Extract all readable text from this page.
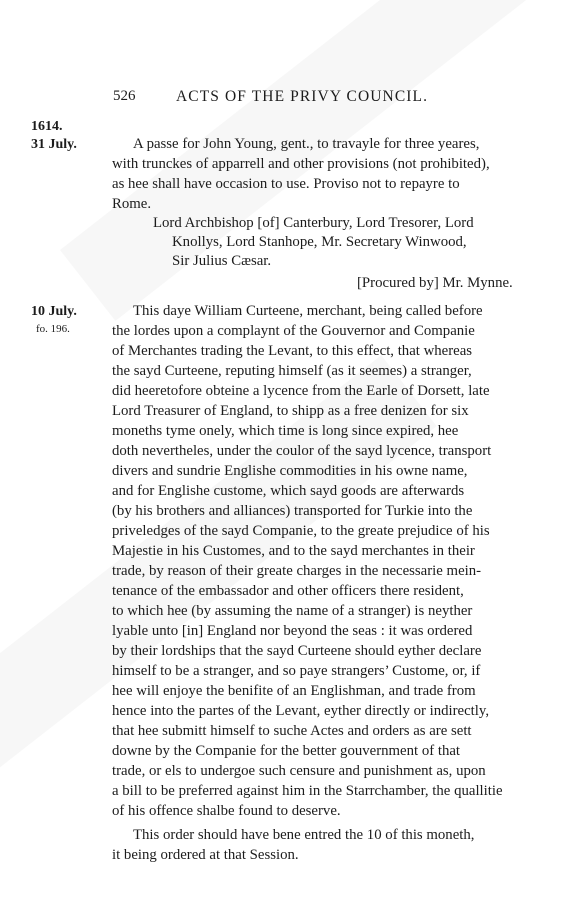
526	ACTS OF THE PRIVY COUNCIL.
1614.
31 July.
10 July.
fo. 196.
A passe for John Young, gent., to travayle for three yeares,
with trunckes of apparrell and other provisions (not prohibited),
as hee shall have occasion to use. Proviso not to repayre to
Rome.
Lord Archbishop [of] Canterbury, Lord Tresorer, Lord
Knollys, Lord Stanhope, Mr. Secretary Winwood,
Sir Julius Cæsar.
[Procured by] Mr. Mynne.
This daye William Curteene, merchant, being called before
the lordes upon a complaynt of the Gouvernor and Companie
of Merchantes trading the Levant, to this effect, that whereas
the sayd Curteene, reputing himself (as it seemes) a stranger,
did heeretofore obteine a lycence from the Earle of Dorsett, late
Lord Treasurer of England, to shipp as a free denizen for six
moneths tyme onely, which time is long since expired, hee
doth nevertheles, under the coulor of the sayd lycence, transport
divers and sundrie Englishe commodities in his owne name,
and for Englishe custome, which sayd goods are afterwards
(by his brothers and alliances) transported for Turkie into the
priveledges of the sayd Companie, to the greate prejudice of his
Majestie in his Customes, and to the sayd merchantes in their
trade, by reason of their greate charges in the necessarie mein-
tenance of the embassador and other officers there resident,
to which hee (by assuming the name of a stranger) is neyther
lyable unto [in] England nor beyond the seas : it was ordered
by their lordships that the sayd Curteene should eyther declare
himself to be a stranger, and so paye strangers’ Custome, or, if
hee will enjoye the benifite of an Englishman, and trade from
hence into the partes of the Levant, eyther directly or indirectly,
that hee submitt himself to suche Actes and orders as are sett
downe by the Companie for the better gouvernment of that
trade, or els to undergoe such censure and punishment as, upon
a bill to be preferred against him in the Starrchamber, the quallitie
of his offence shalbe found to deserve.
This order should have bene entred the 10 of this moneth,
it being ordered at that Session.
